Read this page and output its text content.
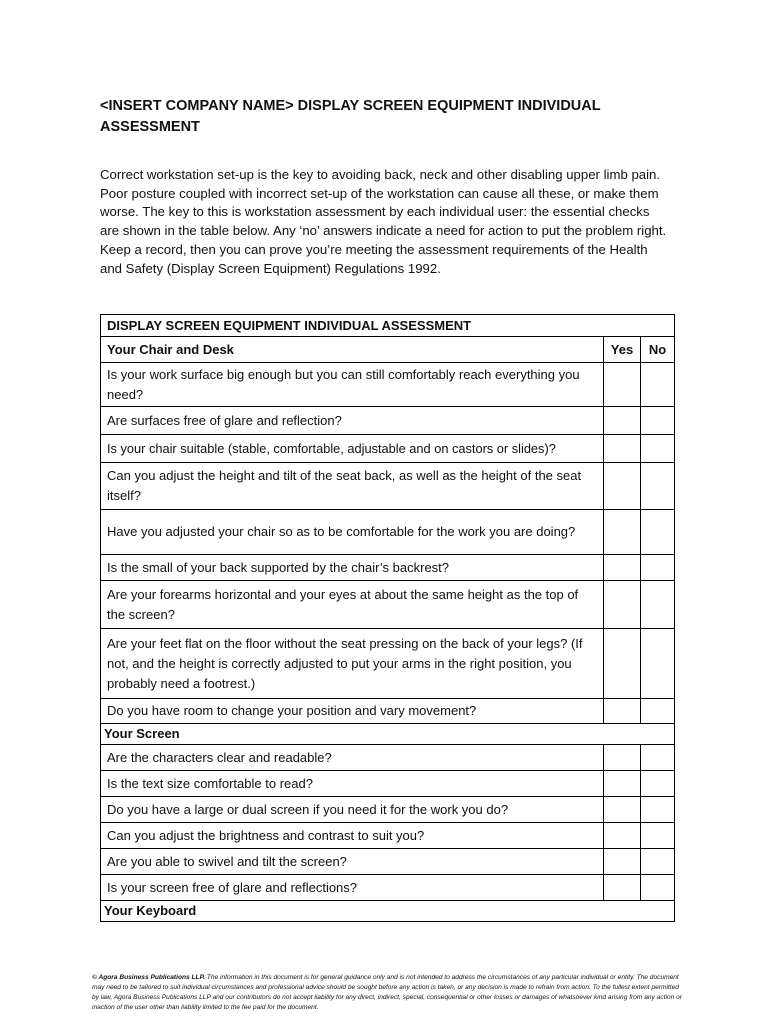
<INSERT COMPANY NAME> DISPLAY SCREEN EQUIPMENT INDIVIDUAL ASSESSMENT

Correct workstation set-up is the key to avoiding back, neck and other disabling upper limb pain. Poor posture coupled with incorrect set-up of the workstation can cause all these, or make them worse. The key to this is workstation assessment by each individual user: the essential checks are shown in the table below. Any ‘no’ answers indicate a need for action to put the problem right. Keep a record, then you can prove you’re meeting the assessment requirements of the Health and Safety (Display Screen Equipment) Regulations 1992.

DISPLAY SCREEN EQUIPMENT INDIVIDUAL ASSESSMENT		
Your Chair and Desk	Yes	No
Is your work surface big enough but you can still comfortably reach everything you need?		
Are surfaces free of glare and reflection?		
Is your chair suitable (stable, comfortable, adjustable and on castors or slides)?		
Can you adjust the height and tilt of the seat back, as well as the height of the seat itself?		
Have you adjusted your chair so as to be comfortable for the work you are doing?		
Is the small of your back supported by the chair’s backrest?		
Are your forearms horizontal and your eyes at about the same height as the top of the screen?		
Are your feet flat on the floor without the seat pressing on the back of your legs? (If not, and the height is correctly adjusted to put your arms in the right position, you probably need a footrest.)		
Do you have room to change your position and vary movement?		
Your Screen		
Are the characters clear and readable?		
Is the text size comfortable to read?		
Do you have a large or dual screen if you need it for the work you do?		
Can you adjust the brightness and contrast to suit you?		
Are you able to swivel and tilt the screen?		
Is your screen free of glare and reflections?		
Your Keyboard		

© Agora Business Publications LLP. The information in this document is for general guidance only and is not intended to address the circumstances of any particular individual or entity. The document may need to be tailored to suit individual circumstances and professional advice should be sought before any action is taken, or any decision is made to refrain from action. To the fullest extent permitted by law, Agora Business Publications LLP and our contributors do not accept liability for any direct, indirect, special, consequential or other losses or damages of whatsoever kind arising from any action or inaction of the user other than liability limited to the fee paid for the document.
